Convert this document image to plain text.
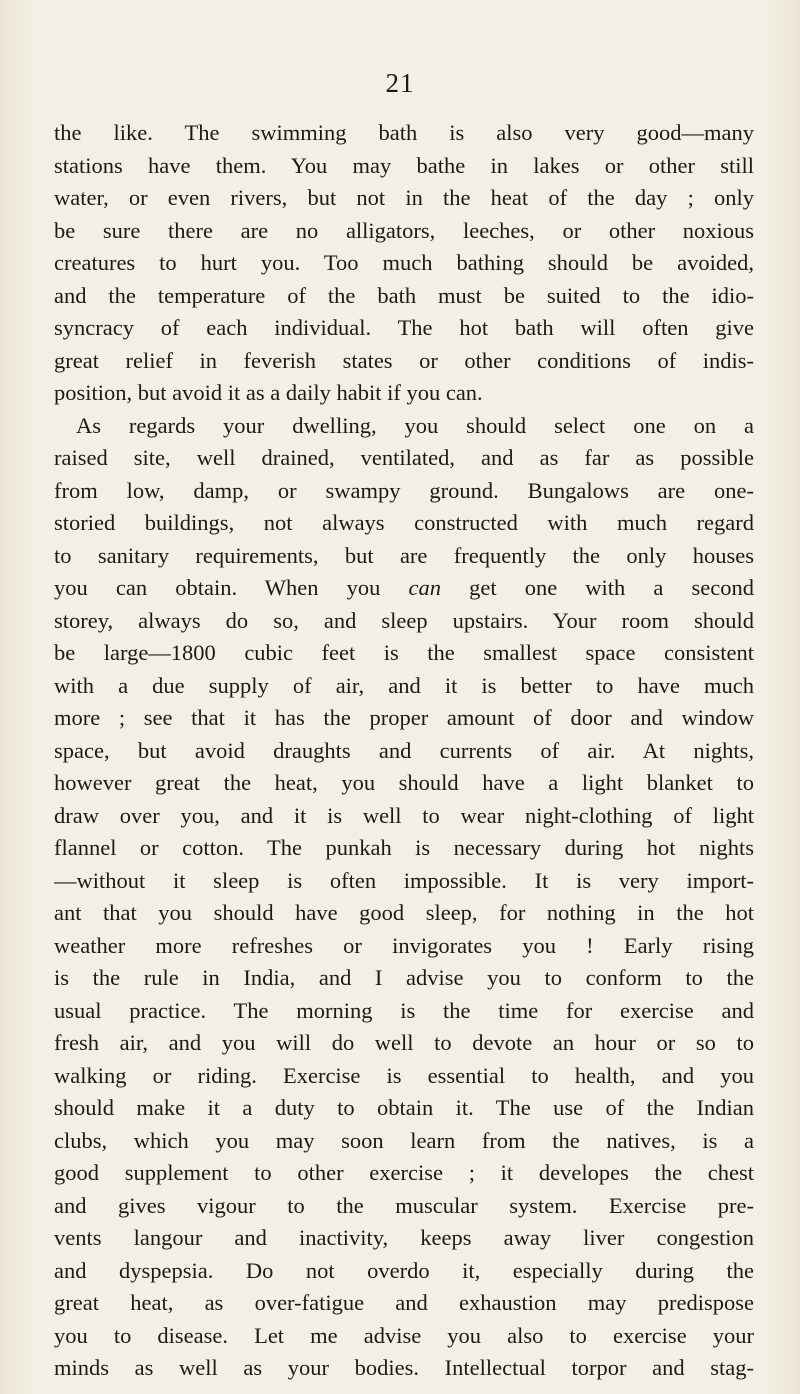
21
the like. The swimming bath is also very good—many
stations have them. You may bathe in lakes or other still
water, or even rivers, but not in the heat of the day ; only
be sure there are no alligators, leeches, or other noxious
creatures to hurt you. Too much bathing should be avoided,
and the temperature of the bath must be suited to the idio-
syncracy of each individual. The hot bath will often give
great relief in feverish states or other conditions of indis-
position, but avoid it as a daily habit if you can.
As regards your dwelling, you should select one on a
raised site, well drained, ventilated, and as far as possible
from low, damp, or swampy ground. Bungalows are one-
storied buildings, not always constructed with much regard
to sanitary requirements, but are frequently the only houses
you can obtain. When you can get one with a second
storey, always do so, and sleep upstairs. Your room should
be large—1800 cubic feet is the smallest space consistent
with a due supply of air, and it is better to have much
more ; see that it has the proper amount of door and window
space, but avoid draughts and currents of air. At nights,
however great the heat, you should have a light blanket to
draw over you, and it is well to wear night-clothing of light
flannel or cotton. The punkah is necessary during hot nights
—without it sleep is often impossible. It is very import-
ant that you should have good sleep, for nothing in the hot
weather more refreshes or invigorates you ! Early rising
is the rule in India, and I advise you to conform to the
usual practice. The morning is the time for exercise and
fresh air, and you will do well to devote an hour or so to
walking or riding. Exercise is essential to health, and you
should make it a duty to obtain it. The use of the Indian
clubs, which you may soon learn from the natives, is a
good supplement to other exercise ; it developes the chest
and gives vigour to the muscular system. Exercise pre-
vents langour and inactivity, keeps away liver congestion
and dyspepsia. Do not overdo it, especially during the
great heat, as over-fatigue and exhaustion may predispose
you to disease. Let me advise you also to exercise your
minds as well as your bodies. Intellectual torpor and stag-
